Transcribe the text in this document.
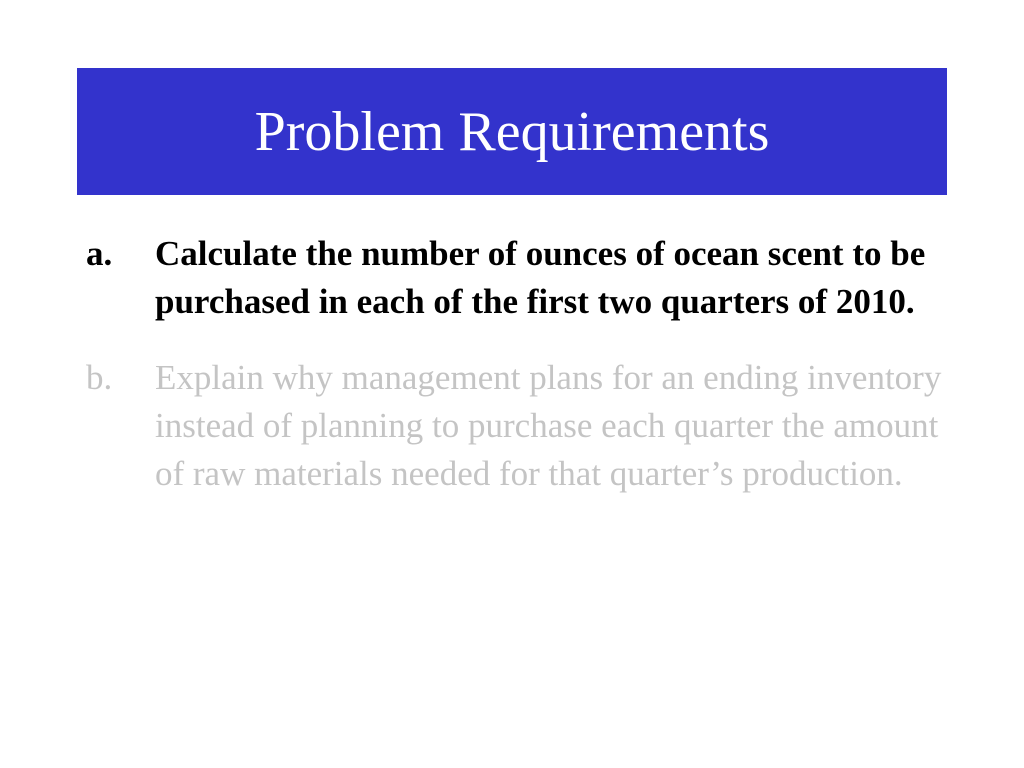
Problem Requirements
a.	Calculate the number of ounces of ocean scent to be purchased in each of the first two quarters of 2010.
b.	Explain why management plans for an ending inventory instead of planning to purchase each quarter the amount of raw materials needed for that quarter’s production.
